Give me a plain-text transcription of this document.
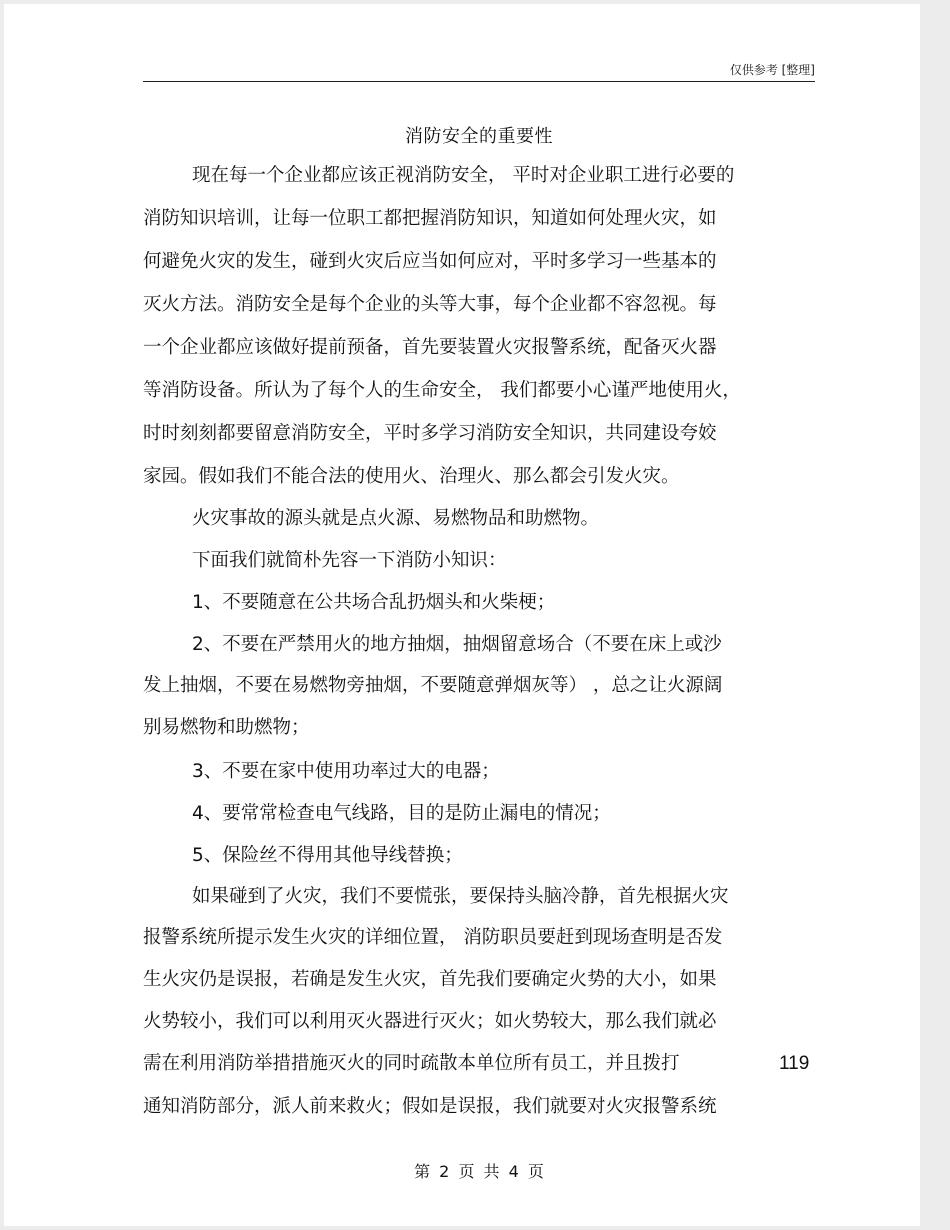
仅供参考 [整理]
消防安全的重要性
现在每一个企业都应该正视消防安全， 平时对企业职工进行必要的
消防知识培训，让每一位职工都把握消防知识，知道如何处理火灾，如
何避免火灾的发生，碰到火灾后应当如何应对，平时多学习一些基本的
灭火方法。消防安全是每个企业的头等大事，每个企业都不容忽视。每
一个企业都应该做好提前预备，首先要装置火灾报警系统，配备灭火器
等消防设备。所认为了每个人的生命安全， 我们都要小心谨严地使用火，
时时刻刻都要留意消防安全，平时多学习消防安全知识，共同建设夸姣
家园。假如我们不能合法的使用火、治理火、那么都会引发火灾。
火灾事故的源头就是点火源、易燃物品和助燃物。
下面我们就简朴先容一下消防小知识：
1、不要随意在公共场合乱扔烟头和火柴梗；
2、不要在严禁用火的地方抽烟，抽烟留意场合（不要在床上或沙
发上抽烟，不要在易燃物旁抽烟，不要随意弹烟灰等） ，总之让火源阔
别易燃物和助燃物；
3、不要在家中使用功率过大的电器；
4、要常常检查电气线路，目的是防止漏电的情况；
5、保险丝不得用其他导线替换；
如果碰到了火灾，我们不要慌张，要保持头脑冷静，首先根据火灾
报警系统所提示发生火灾的详细位置， 消防职员要赶到现场查明是否发
生火灾仍是误报，若确是发生火灾，首先我们要确定火势的大小，如果
火势较小，我们可以利用灭火器进行灭火；如火势较大，那么我们就必
需在利用消防举措措施灭火的同时疏散本单位所有员工，并且拨打	119
通知消防部分，派人前来救火；假如是误报，我们就要对火灾报警系统
第 2 页 共 4 页
